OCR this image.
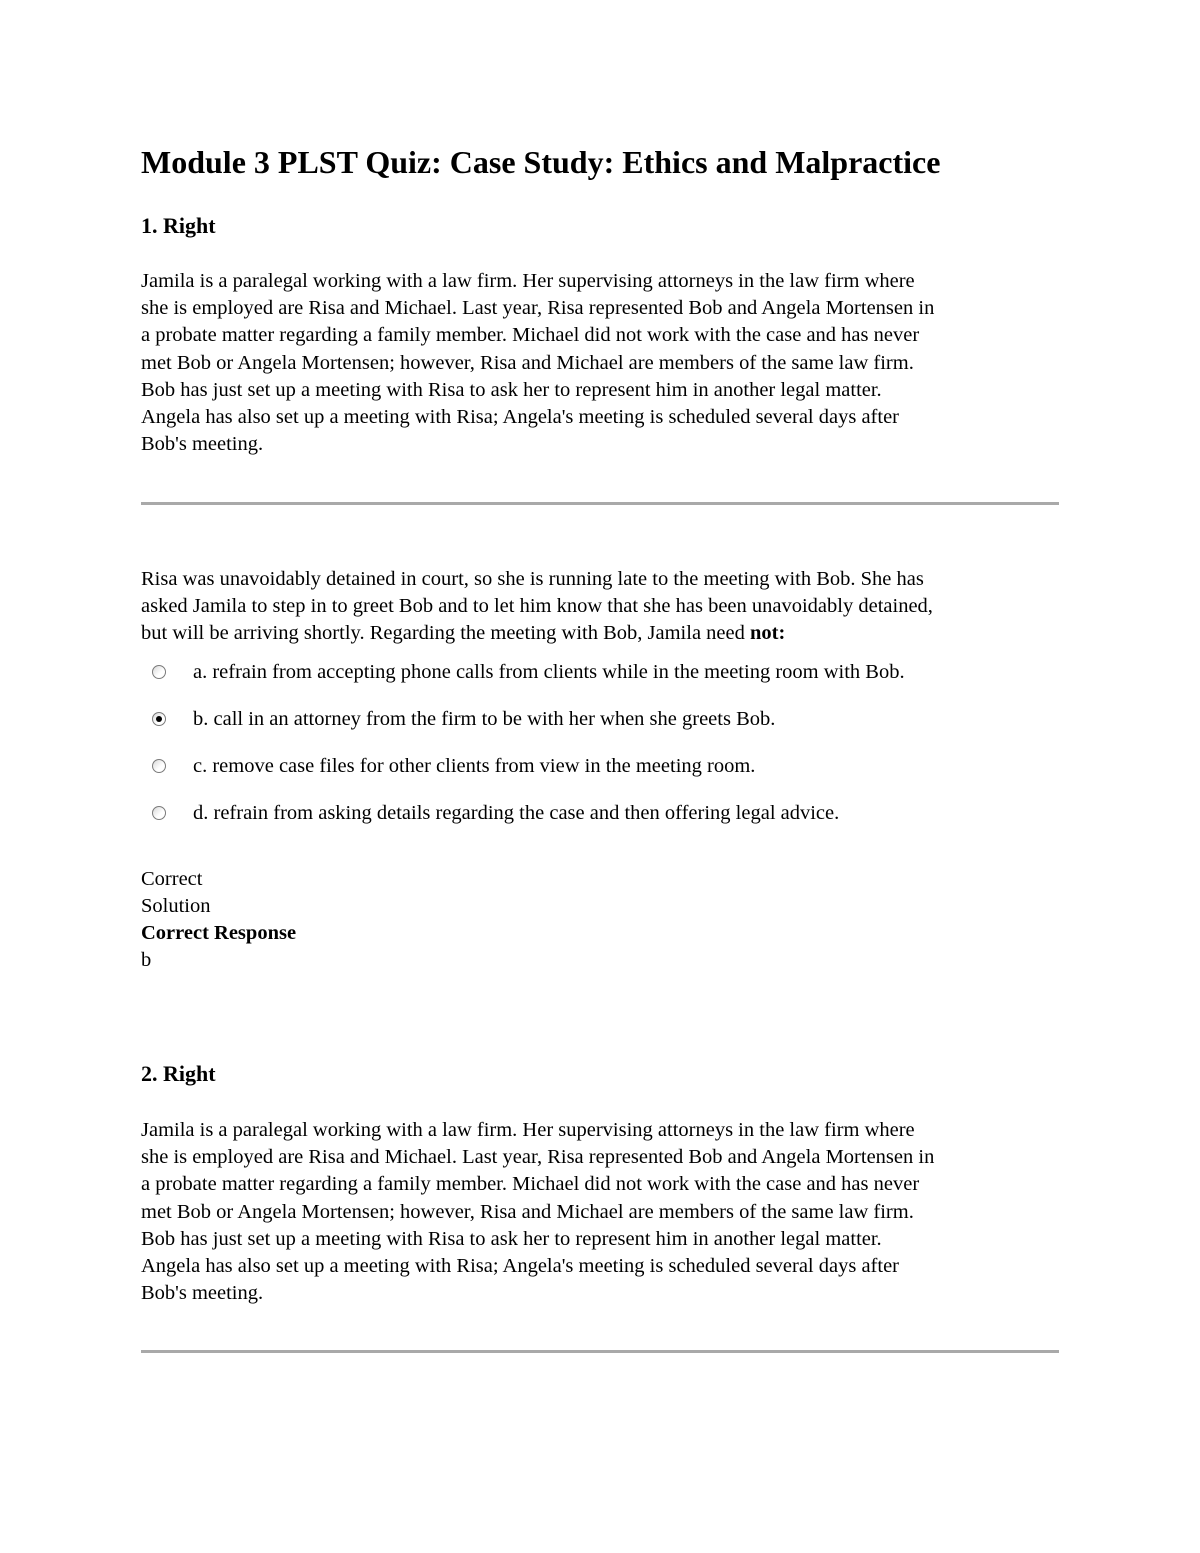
Module 3 PLST Quiz: Case Study: Ethics and Malpractice
1. Right
Jamila is a paralegal working with a law firm. Her supervising attorneys in the law firm where
she is employed are Risa and Michael. Last year, Risa represented Bob and Angela Mortensen in
a probate matter regarding a family member. Michael did not work with the case and has never
met Bob or Angela Mortensen; however, Risa and Michael are members of the same law firm.
Bob has just set up a meeting with Risa to ask her to represent him in another legal matter.
Angela has also set up a meeting with Risa; Angela's meeting is scheduled several days after
Bob's meeting.
Risa was unavoidably detained in court, so she is running late to the meeting with Bob. She has
asked Jamila to step in to greet Bob and to let him know that she has been unavoidably detained,
but will be arriving shortly. Regarding the meeting with Bob, Jamila need not:
a. refrain from accepting phone calls from clients while in the meeting room with Bob.
b. call in an attorney from the firm to be with her when she greets Bob.
c. remove case files for other clients from view in the meeting room.
d. refrain from asking details regarding the case and then offering legal advice.
Correct
Solution
Correct Response
b
2. Right
Jamila is a paralegal working with a law firm. Her supervising attorneys in the law firm where
she is employed are Risa and Michael. Last year, Risa represented Bob and Angela Mortensen in
a probate matter regarding a family member. Michael did not work with the case and has never
met Bob or Angela Mortensen; however, Risa and Michael are members of the same law firm.
Bob has just set up a meeting with Risa to ask her to represent him in another legal matter.
Angela has also set up a meeting with Risa; Angela's meeting is scheduled several days after
Bob's meeting.
